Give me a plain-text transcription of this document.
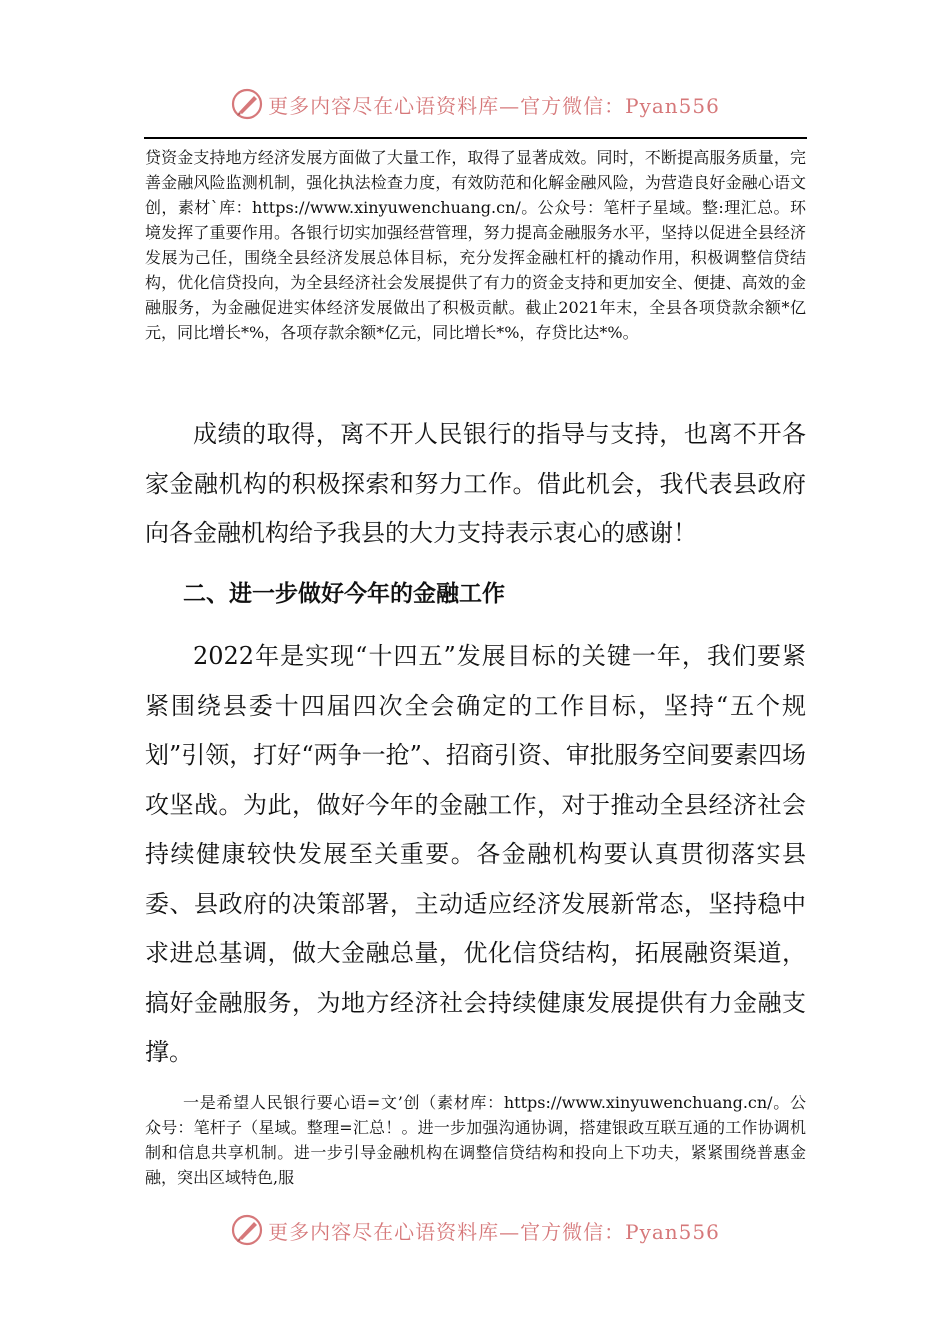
更多内容尽在心语资料库—官方微信：Pyan556

贷资金支持地方经济发展方面做了大量工作，取得了显著成效。同时，不断提高服务质量，完善金融风险监测机制，强化执法检查力度，有效防范和化解金融风险，为营造良好金融心语文创，素材`库：https://www.xinyuwenchuang.cn/。公众号：笔杆子星域。整:理汇总。环境发挥了重要作用。各银行切实加强经营管理，努力提高金融服务水平，坚持以促进全县经济发展为己任，围绕全县经济发展总体目标，充分发挥金融杠杆的撬动作用，积极调整信贷结构，优化信贷投向，为全县经济社会发展提供了有力的资金支持和更加安全、便捷、高效的金融服务，为金融促进实体经济发展做出了积极贡献。截止2021年末，全县各项贷款余额*亿元，同比增长*%，各项存款余额*亿元，同比增长*%，存贷比达*%。

成绩的取得，离不开人民银行的指导与支持，也离不开各家金融机构的积极探索和努力工作。借此机会，我代表县政府向各金融机构给予我县的大力支持表示衷心的感谢！

二、进一步做好今年的金融工作

2022年是实现“十四五”发展目标的关键一年，我们要紧紧围绕县委十四届四次全会确定的工作目标，坚持“五个规划”引领，打好“两争一抢”、招商引资、审批服务空间要素四场攻坚战。为此，做好今年的金融工作，对于推动全县经济社会持续健康较快发展至关重要。各金融机构要认真贯彻落实县委、县政府的决策部署，主动适应经济发展新常态，坚持稳中求进总基调，做大金融总量，优化信贷结构，拓展融资渠道，搞好金融服务，为地方经济社会持续健康发展提供有力金融支撑。

一是希望人民银行要心语=文’创（素材库：https://www.xinyuwenchuang.cn/。公众号：笔杆子（星域。整理=汇总！。进一步加强沟通协调，搭建银政互联互通的工作协调机制和信息共享机制。进一步引导金融机构在调整信贷结构和投向上下功夫，紧紧围绕普惠金融，突出区域特色,服

更多内容尽在心语资料库—官方微信：Pyan556
